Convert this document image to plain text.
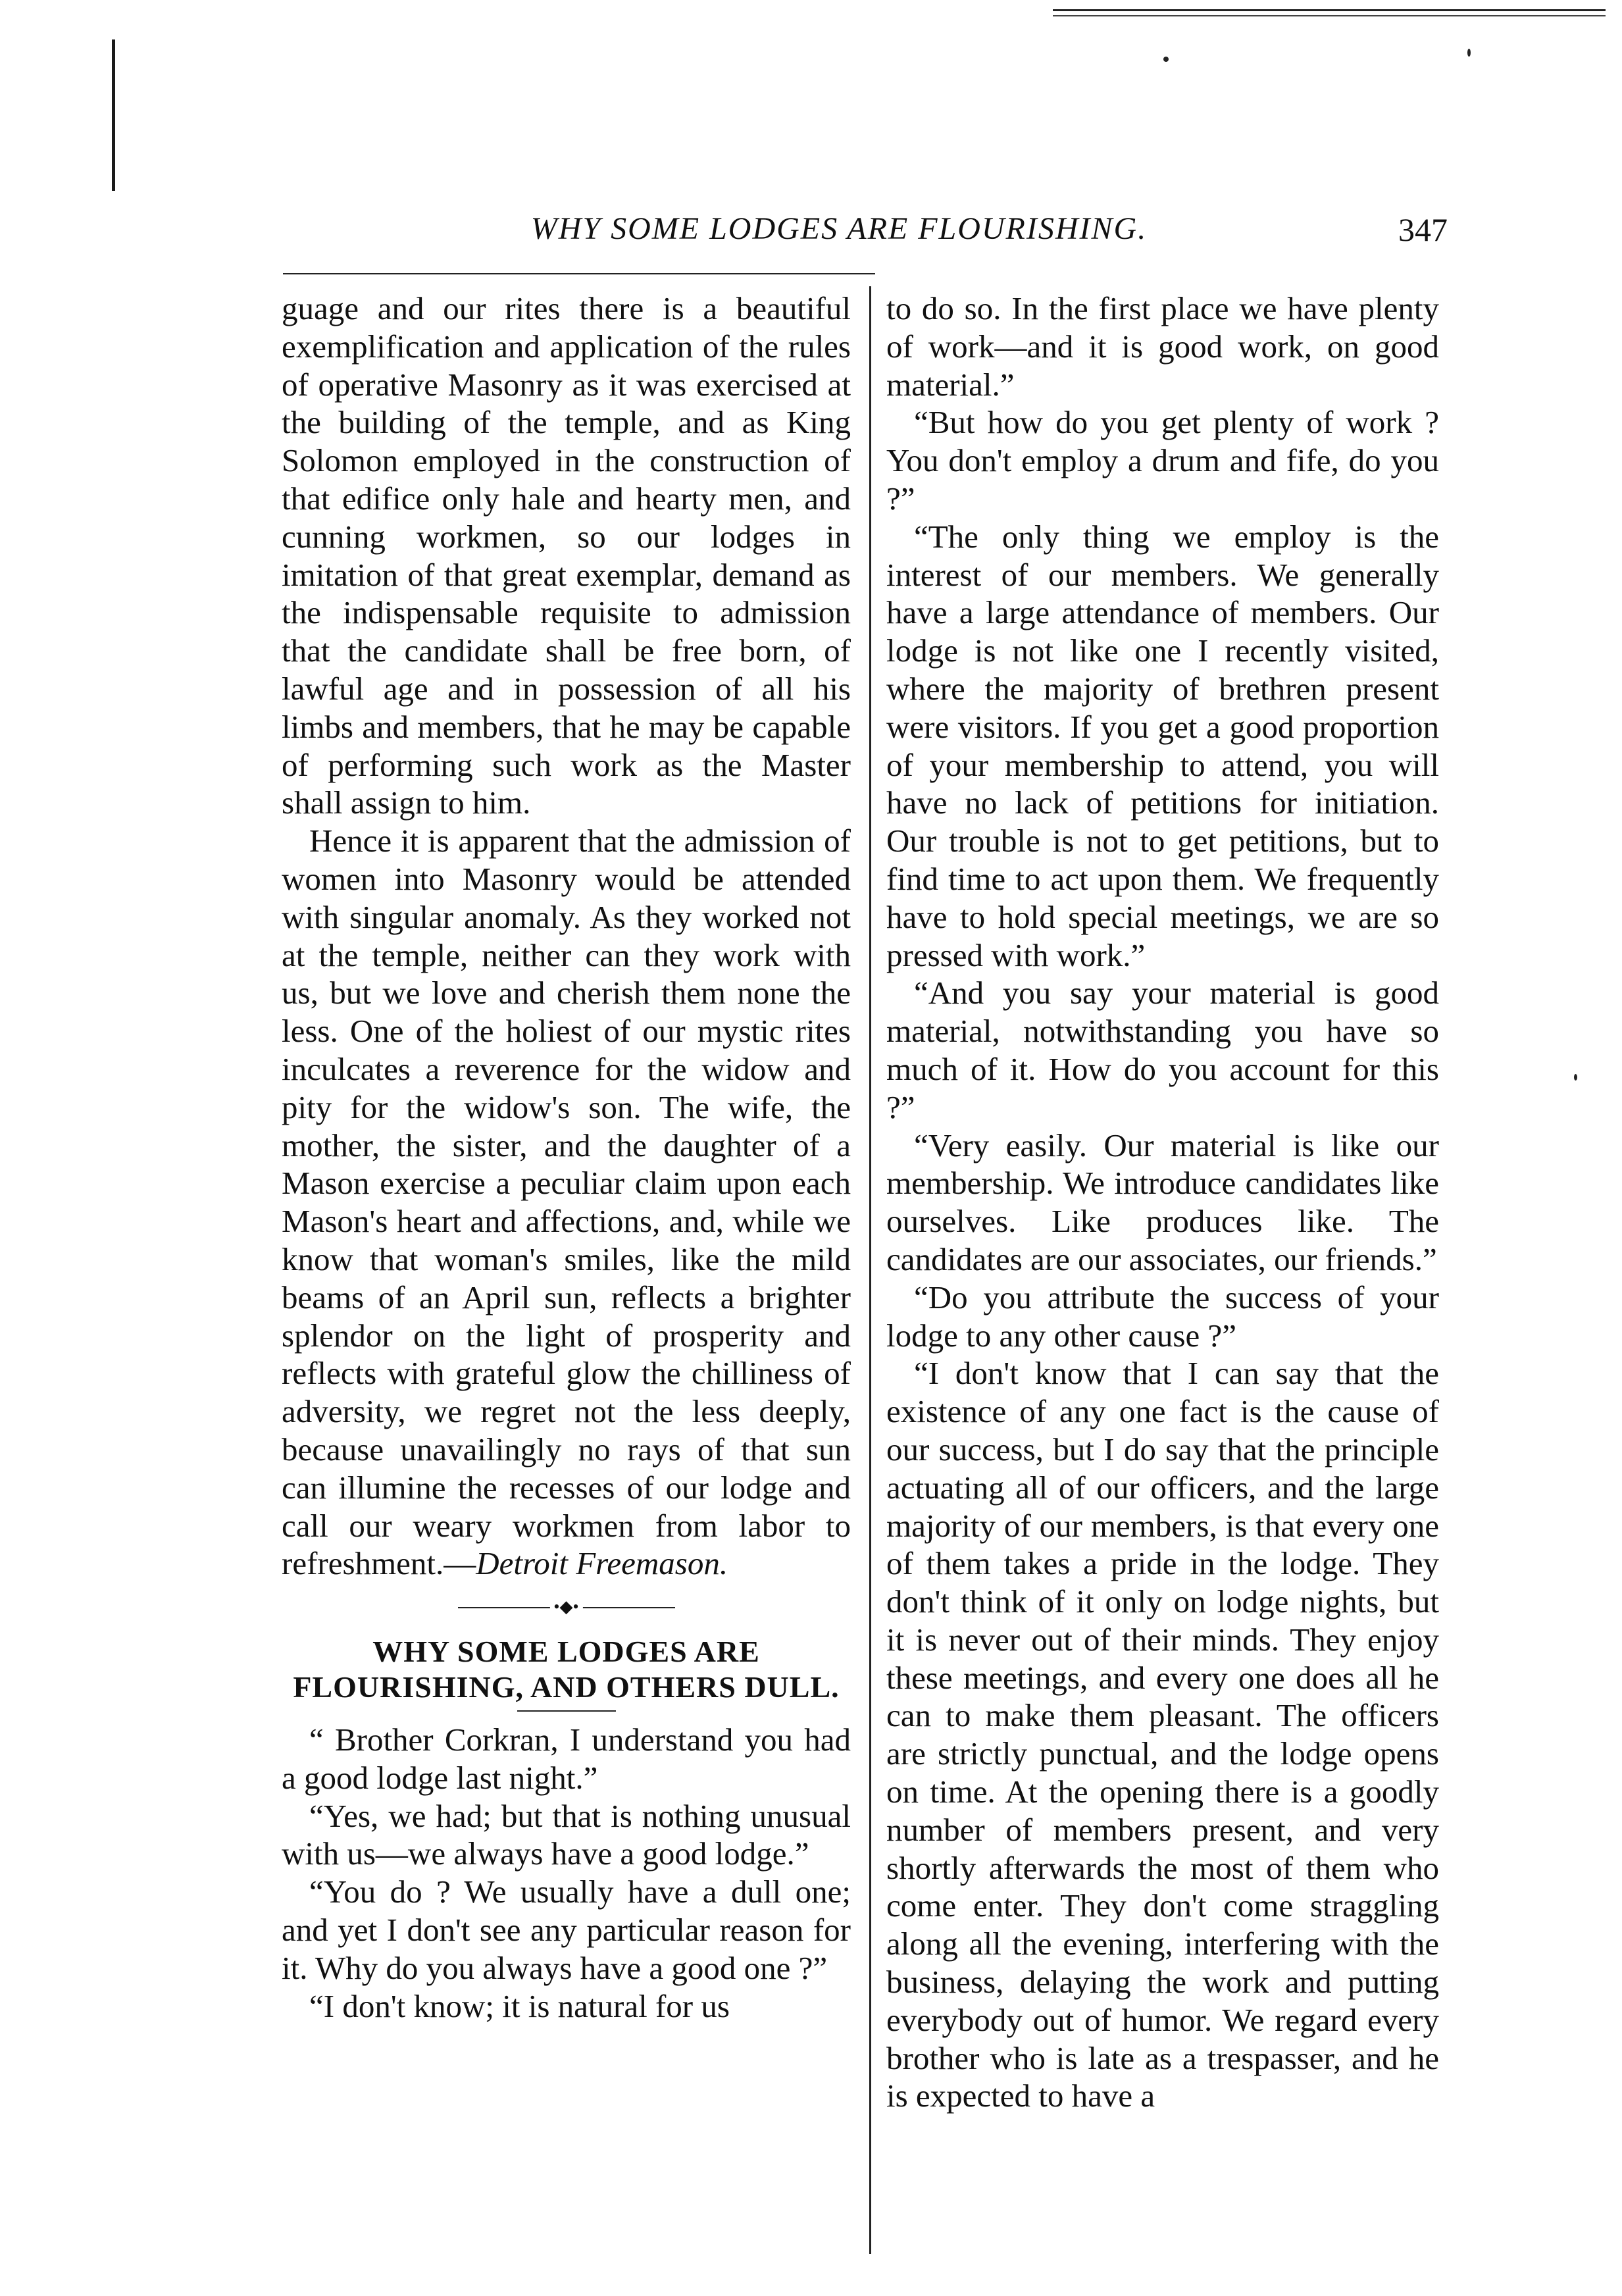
WHY SOME LODGES ARE FLOURISHING.	347

guage and our rites there is a beautiful exemplification and application of the rules of operative Masonry as it was exercised at the building of the temple, and as King Solomon employed in the construction of that edifice only hale and hearty men, and cunning workmen, so our lodges in imitation of that great exemplar, demand as the indispensable requisite to admission that the candidate shall be free born, of lawful age and in possession of all his limbs and members, that he may be capable of performing such work as the Master shall assign to him.

Hence it is apparent that the admission of women into Masonry would be attended with singular anomaly. As they worked not at the temple, neither can they work with us, but we love and cherish them none the less. One of the holiest of our mystic rites inculcates a reverence for the widow and pity for the widow's son. The wife, the mother, the sister, and the daughter of a Mason exercise a peculiar claim upon each Mason's heart and affections, and, while we know that woman's smiles, like the mild beams of an April sun, reflects a brighter splendor on the light of prosperity and reflects with grateful glow the chilliness of adversity, we regret not the less deeply, because unavailingly no rays of that sun can illumine the recesses of our lodge and call our weary workmen from labor to refreshment.—Detroit Freemason.

•◆•
WHY SOME LODGES ARE FLOURISHING, AND OTHERS DULL.

“ Brother Corkran, I understand you had a good lodge last night.”

“Yes, we had; but that is nothing unusual with us—we always have a good lodge.”

“You do ? We usually have a dull one; and yet I don't see any particular reason for it. Why do you always have a good one ?”

“I don't know; it is natural for us

to do so. In the first place we have plenty of work—and it is good work, on good material.”

“But how do you get plenty of work ? You don't employ a drum and fife, do you ?”

“The only thing we employ is the interest of our members. We generally have a large attendance of members. Our lodge is not like one I recently visited, where the majority of brethren present were visitors. If you get a good proportion of your membership to attend, you will have no lack of petitions for initiation. Our trouble is not to get petitions, but to find time to act upon them. We frequently have to hold special meetings, we are so pressed with work.”

“And you say your material is good material, notwithstanding you have so much of it. How do you account for this ?”

“Very easily. Our material is like our membership. We introduce candidates like ourselves. Like produces like. The candidates are our associates, our friends.”

“Do you attribute the success of your lodge to any other cause ?”

“I don't know that I can say that the existence of any one fact is the cause of our success, but I do say that the principle actuating all of our officers, and the large majority of our members, is that every one of them takes a pride in the lodge. They don't think of it only on lodge nights, but it is never out of their minds. They enjoy these meetings, and every one does all he can to make them pleasant. The officers are strictly punctual, and the lodge opens on time. At the opening there is a goodly number of members present, and very shortly afterwards the most of them who come enter. They don't come straggling along all the evening, interfering with the business, delaying the work and putting everybody out of humor. We regard every brother who is late as a trespasser, and he is expected to have a
